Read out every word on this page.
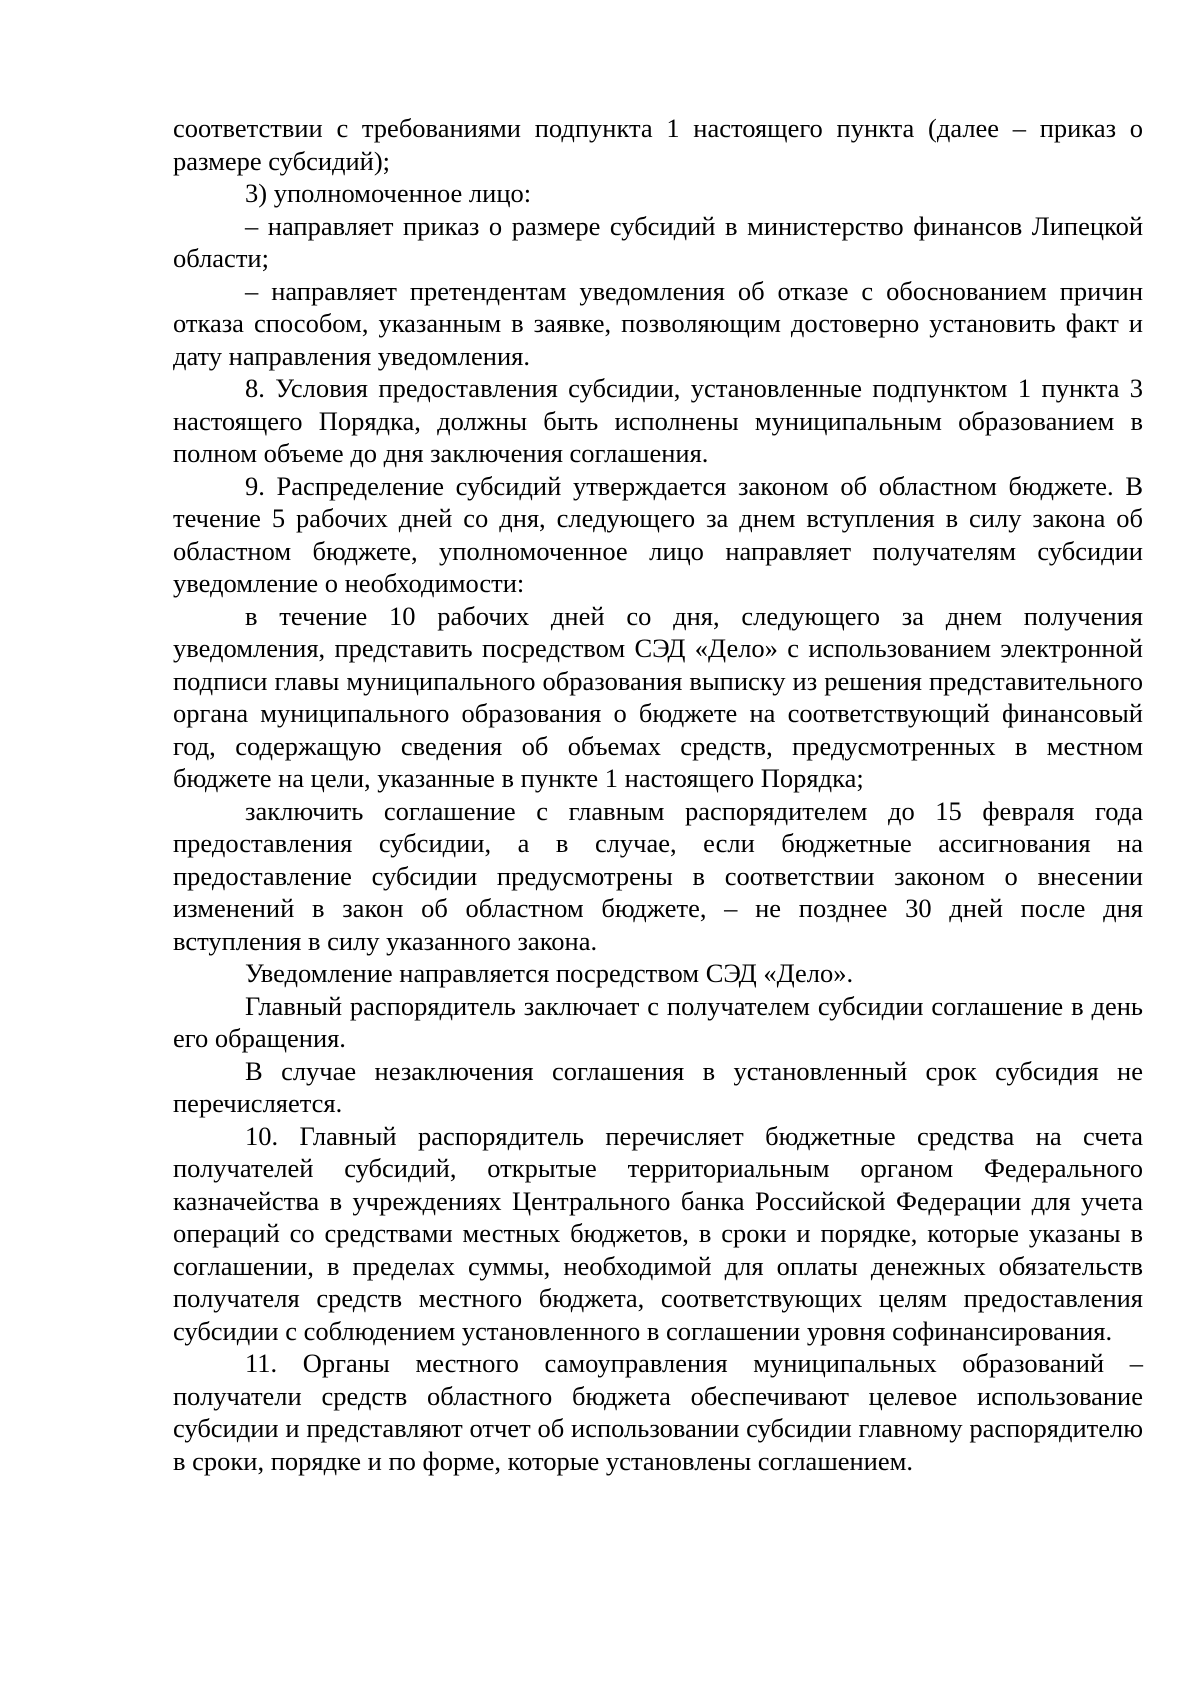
соответствии с требованиями подпункта 1 настоящего пункта (далее – приказ о размере субсидий);

3) уполномоченное лицо:

– направляет приказ о размере субсидий в министерство финансов Липецкой области;

– направляет претендентам уведомления об отказе с обоснованием причин отказа способом, указанным в заявке, позволяющим достоверно установить факт и дату направления уведомления.

8. Условия предоставления субсидии, установленные подпунктом 1 пункта 3 настоящего Порядка, должны быть исполнены муниципальным образованием в полном объеме до дня заключения соглашения.

9. Распределение субсидий утверждается законом об областном бюджете. В течение 5 рабочих дней со дня, следующего за днем вступления в силу закона об областном бюджете, уполномоченное лицо направляет получателям субсидии уведомление о необходимости:

в течение 10 рабочих дней со дня, следующего за днем получения уведомления, представить посредством СЭД «Дело» с использованием электронной подписи главы муниципального образования выписку из решения представительного органа муниципального образования о бюджете на соответствующий финансовый год, содержащую сведения об объемах средств, предусмотренных в местном бюджете на цели, указанные в пункте 1 настоящего Порядка;

заключить соглашение с главным распорядителем до 15 февраля года предоставления субсидии, а в случае, если бюджетные ассигнования на предоставление субсидии предусмотрены в соответствии законом о внесении изменений в закон об областном бюджете, – не позднее 30 дней после дня вступления в силу указанного закона.

Уведомление направляется посредством СЭД «Дело».

Главный распорядитель заключает с получателем субсидии соглашение в день его обращения.

В случае незаключения соглашения в установленный срок субсидия не перечисляется.

10. Главный распорядитель перечисляет бюджетные средства на счета получателей субсидий, открытые территориальным органом Федерального казначейства в учреждениях Центрального банка Российской Федерации для учета операций со средствами местных бюджетов, в сроки и порядке, которые указаны в соглашении, в пределах суммы, необходимой для оплаты денежных обязательств получателя средств местного бюджета, соответствующих целям предоставления субсидии с соблюдением установленного в соглашении уровня софинансирования.

11. Органы местного самоуправления муниципальных образований – получатели средств областного бюджета обеспечивают целевое использование субсидии и представляют отчет об использовании субсидии главному распорядителю в сроки, порядке и по форме, которые установлены соглашением.
